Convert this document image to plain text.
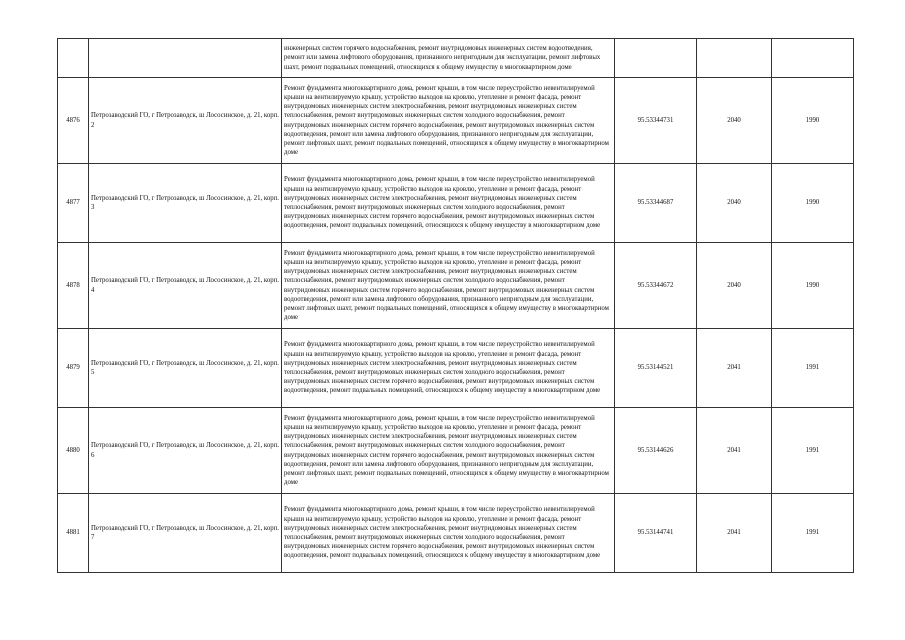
		инженерных систем горячего водоснабжения, ремонт внутридомовых инженерных систем водоотведения, ремонт или замена лифтового оборудования, признанного непригодным для эксплуатации, ремонт лифтовых шахт, ремонт подвальных помещений, относящихся к общему имуществу в многоквартирном доме			
4876	Петрозаводский ГО, г Петрозаводск, ш Лососинское, д. 21, корп. 2	Ремонт фундамента многоквартирного дома, ремонт крыши, в том числе переустройство невентилируемой крыши на вентилируемую крышу, устройство выходов на кровлю, утепление и ремонт фасада, ремонт внутридомовых инженерных систем электроснабжения, ремонт внутридомовых инженерных систем теплоснабжения, ремонт внутридомовых инженерных систем холодного водоснабжения, ремонт внутридомовых инженерных систем горячего водоснабжения, ремонт внутридомовых инженерных систем водоотведения, ремонт или замена лифтового оборудования, признанного непригодным для эксплуатации, ремонт лифтовых шахт, ремонт подвальных помещений, относящихся к общему имуществу в многоквартирном доме	95.53344731	2040	1990
4877	Петрозаводский ГО, г Петрозаводск, ш Лососинское, д. 21, корп. 3	Ремонт фундамента многоквартирного дома, ремонт крыши, в том числе переустройство невентилируемой крыши на вентилируемую крышу, устройство выходов на кровлю, утепление и ремонт фасада, ремонт внутридомовых инженерных систем электроснабжения, ремонт внутридомовых инженерных систем теплоснабжения, ремонт внутридомовых инженерных систем холодного водоснабжения, ремонт внутридомовых инженерных систем горячего водоснабжения, ремонт внутридомовых инженерных систем водоотведения, ремонт подвальных помещений, относящихся к общему имуществу в многоквартирном доме	95.53344687	2040	1990
4878	Петрозаводский ГО, г Петрозаводск, ш Лососинское, д. 21, корп. 4	Ремонт фундамента многоквартирного дома, ремонт крыши, в том числе переустройство невентилируемой крыши на вентилируемую крышу, устройство выходов на кровлю, утепление и ремонт фасада, ремонт внутридомовых инженерных систем электроснабжения, ремонт внутридомовых инженерных систем теплоснабжения, ремонт внутридомовых инженерных систем холодного водоснабжения, ремонт внутридомовых инженерных систем горячего водоснабжения, ремонт внутридомовых инженерных систем водоотведения, ремонт или замена лифтового оборудования, признанного непригодным для эксплуатации, ремонт лифтовых шахт, ремонт подвальных помещений, относящихся к общему имуществу в многоквартирном доме	95.53344672	2040	1990
4879	Петрозаводский ГО, г Петрозаводск, ш Лососинское, д. 21, корп. 5	Ремонт фундамента многоквартирного дома, ремонт крыши, в том числе переустройство невентилируемой крыши на вентилируемую крышу, устройство выходов на кровлю, утепление и ремонт фасада, ремонт внутридомовых инженерных систем электроснабжения, ремонт внутридомовых инженерных систем теплоснабжения, ремонт внутридомовых инженерных систем холодного водоснабжения, ремонт внутридомовых инженерных систем горячего водоснабжения, ремонт внутридомовых инженерных систем водоотведения, ремонт подвальных помещений, относящихся к общему имуществу в многоквартирном доме	95.53144521	2041	1991
4880	Петрозаводский ГО, г Петрозаводск, ш Лососинское, д. 21, корп. 6	Ремонт фундамента многоквартирного дома, ремонт крыши, в том числе переустройство невентилируемой крыши на вентилируемую крышу, устройство выходов на кровлю, утепление и ремонт фасада, ремонт внутридомовых инженерных систем электроснабжения, ремонт внутридомовых инженерных систем теплоснабжения, ремонт внутридомовых инженерных систем холодного водоснабжения, ремонт внутридомовых инженерных систем горячего водоснабжения, ремонт внутридомовых инженерных систем водоотведения, ремонт или замена лифтового оборудования, признанного непригодным для эксплуатации, ремонт лифтовых шахт, ремонт подвальных помещений, относящихся к общему имуществу в многоквартирном доме	95.53144626	2041	1991
4881	Петрозаводский ГО, г Петрозаводск, ш Лососинское, д. 21, корп. 7	Ремонт фундамента многоквартирного дома, ремонт крыши, в том числе переустройство невентилируемой крыши на вентилируемую крышу, устройство выходов на кровлю, утепление и ремонт фасада, ремонт внутридомовых инженерных систем электроснабжения, ремонт внутридомовых инженерных систем теплоснабжения, ремонт внутридомовых инженерных систем холодного водоснабжения, ремонт внутридомовых инженерных систем горячего водоснабжения, ремонт внутридомовых инженерных систем водоотведения, ремонт подвальных помещений, относящихся к общему имуществу в многоквартирном доме	95.53144741	2041	1991
